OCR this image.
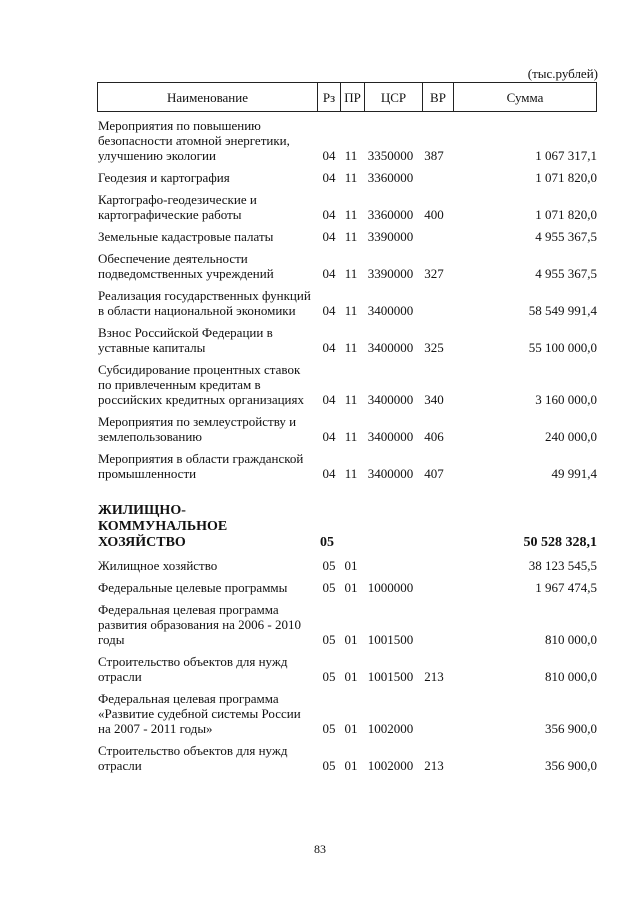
(тыс.рублей)
Наименование	Рз ПР	ЦСР	ВР	Сумма
Мероприятия по повышению безопасности атомной энергетики, улучшению экологии	04 11 3350000 387	1 067 317,1
Геодезия и картография	04 11 3360000	1 071 820,0
Картографо-геодезические и картографические работы	04 11 3360000 400	1 071 820,0
Земельные кадастровые палаты	04 11 3390000	4 955 367,5
Обеспечение деятельности подведомственных учреждений	04 11 3390000 327	4 955 367,5
Реализация государственных функций в области национальной экономики	04 11 3400000	58 549 991,4
Взнос Российской Федерации в уставные капиталы	04 11 3400000 325	55 100 000,0
Субсидирование процентных ставок по привлеченным кредитам в российских кредитных организациях	04 11 3400000 340	3 160 000,0
Мероприятия по землеустройству и землепользованию	04 11 3400000 406	240 000,0
Мероприятия в области гражданской промышленности	04 11 3400000 407	49 991,4
ЖИЛИЩНО-КОММУНАЛЬНОЕ ХОЗЯЙСТВО	05	50 528 328,1
Жилищное хозяйство	05 01	38 123 545,5
Федеральные целевые программы	05 01 1000000	1 967 474,5
Федеральная целевая программа развития образования на 2006 - 2010 годы	05 01 1001500	810 000,0
Строительство объектов для нужд отрасли	05 01 1001500 213	810 000,0
Федеральная целевая программа «Развитие судебной системы России на 2007 - 2011 годы»	05 01 1002000	356 900,0
Строительство объектов для нужд отрасли	05 01 1002000 213	356 900,0
83
